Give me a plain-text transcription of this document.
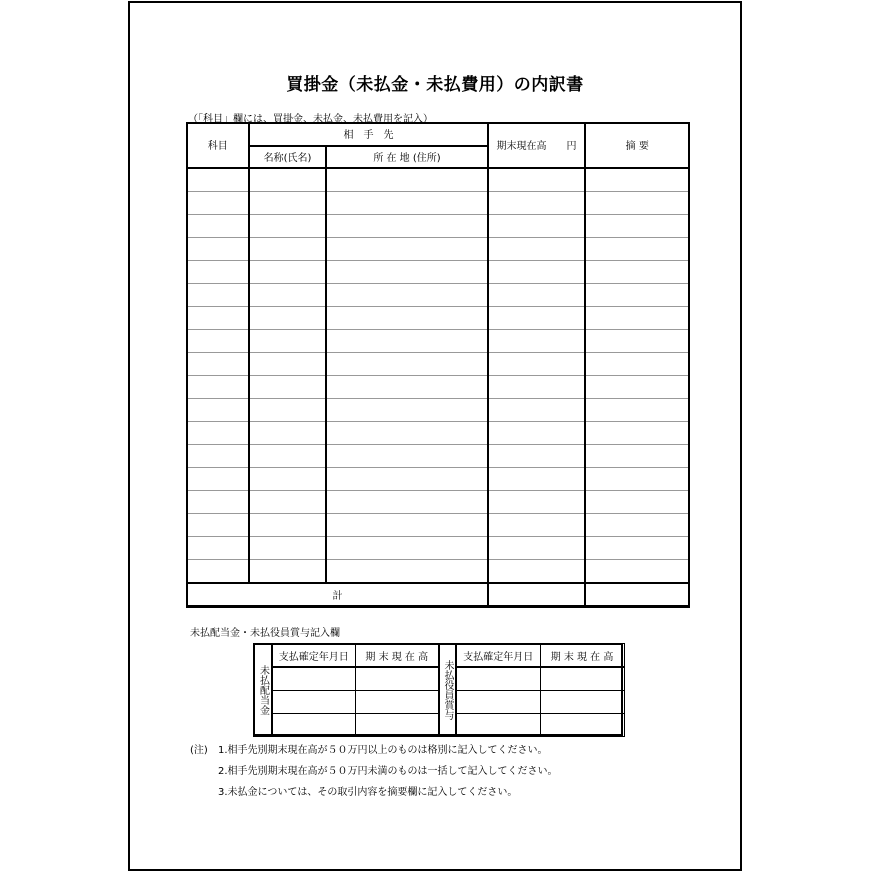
買掛金（未払金・未払費用）の内訳書
（「科目」欄には、買掛金、未払金、未払費用を記入）
科目	相　手　先		期末現在高　　円	摘 要
	名称(氏名)	所 在 地 (住所)		

計				
未払配当金・未払役員賞与記入欄
未払配当金	支払確定年月日	期 末 現 在 高	未払役員賞与	支払確定年月日	期 末 現 在 高

(注) 1.相手先別期末現在高が５０万円以上のものは格別に記入してください。
2.相手先別期末現在高が５０万円未満のものは一括して記入してください。
3.未払金については、その取引内容を摘要欄に記入してください。
